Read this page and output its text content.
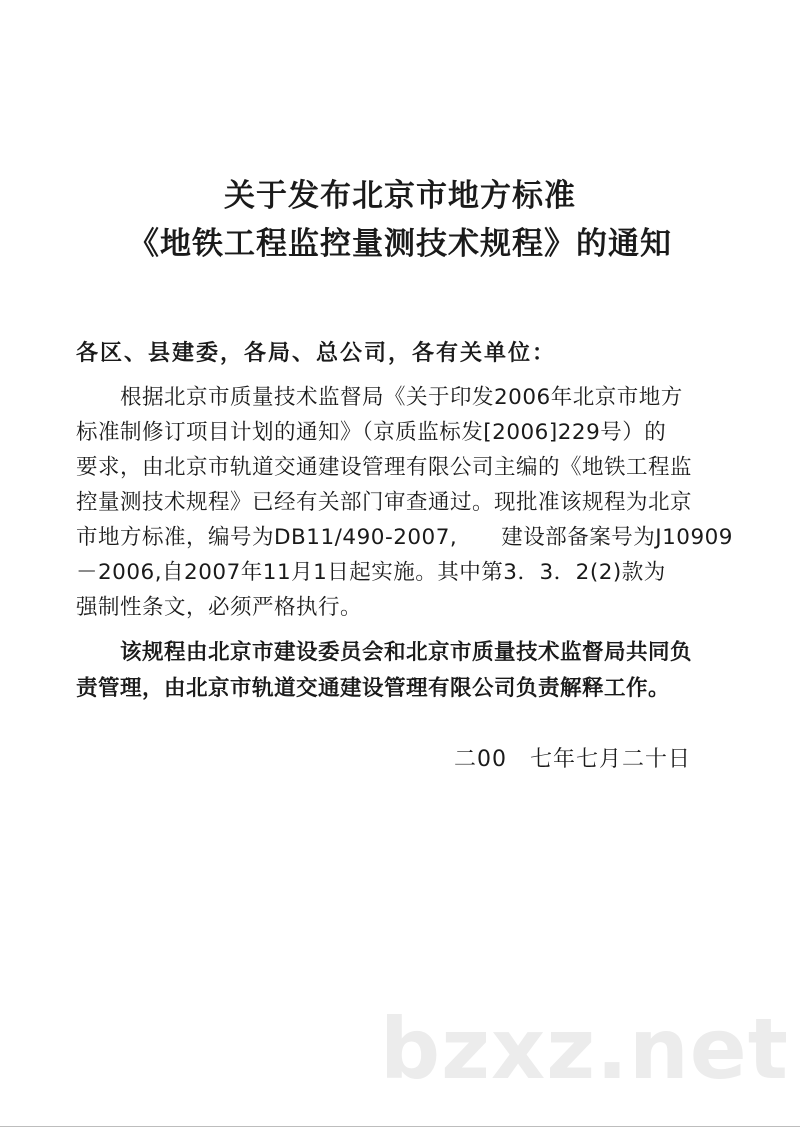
关于发布北京市地方标准
《地铁工程监控量测技术规程》的通知
各区、县建委，各局、总公司，各有关单位：
　　根据北京市质量技术监督局《关于印发2006年北京市地方
标准制修订项目计划的通知》（京质监标发[2006]229号）的
要求，由北京市轨道交通建设管理有限公司主编的《地铁工程监
控量测技术规程》已经有关部门审查通过。现批准该规程为北京
市地方标准，编号为DB11/490-2007,　　建设部备案号为J10909
－2006,自2007年11月1日起实施。其中第3．3．2(2)款为
强制性条文，必须严格执行。
　　该规程由北京市建设委员会和北京市质量技术监督局共同负
责管理，由北京市轨道交通建设管理有限公司负责解释工作。
二00　七年七月二十日
bzxz.net
